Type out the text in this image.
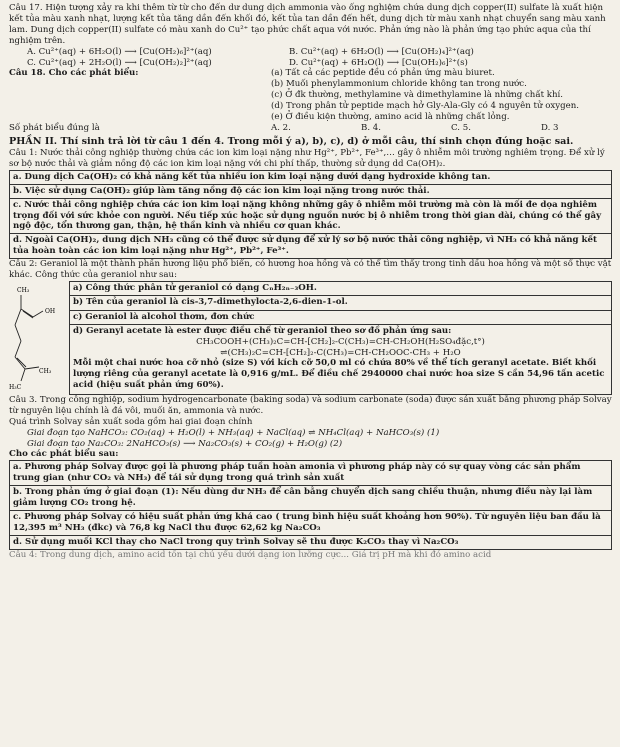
Câu 17. Hiện tượng xảy ra khi thêm từ từ cho đến dư dung dịch ammonia vào ống nghiệm chứa dung dịch copper(II) sulfate là xuất hiện kết tủa màu xanh nhạt, lượng kết tủa tăng dần đến khối đó, kết tủa tan dần đến hết, dung dịch từ màu xanh nhạt chuyển sang màu xanh lam. Dung dịch copper(II) sulfate có màu xanh do Cu²⁺ tạo phức chất aqua với nước. Phản ứng nào là phản ứng tạo phức aqua của thí nghiệm trên.

A. Cu²⁺(aq) + 6H₂O(l) ⟶ [Cu(OH₂)₆]²⁺(aq)	B. Cu²⁺(aq) + 6H₂O(l) ⟶ [Cu(OH₂)₄]²⁺(aq)
C. Cu²⁺(aq) + 2H₂O(l) ⟶ [Cu(OH₂)₂]²⁺(aq)	D. Cu²⁺(aq) + 6H₂O(l) ⟶ [Cu(OH₂)₆]²⁺(s)
Câu 18. Cho các phát biểu:	(a) Tất cả các peptide đều có phản ứng màu biuret.

(b) Muối phenylammonium chloride không tan trong nước.

(c) Ở đk thường, methylamine và dimethylamine là những chất khí.

(d) Trong phân tử peptide mạch hở Gly-Ala-Gly có 4 nguyên tử oxygen.

(e) Ở điều kiện thường, amino acid là những chất lỏng.

Số phát biểu đúng là	A. 2.	B. 4.	C. 5.	D. 3

PHẦN II. Thí sinh trả lời từ câu 1 đến 4. Trong mỗi ý a), b), c), d) ở mỗi câu, thí sinh chọn đúng hoặc sai.

Câu 1: Nước thải công nghiệp thường chứa các ion kim loại nặng như Hg²⁺, Pb²⁺, Fe³⁺,… gây ô nhiễm môi trường nghiêm trọng. Để xử lý sơ bộ nước thải và giảm nồng độ các ion kim loại nặng với chi phí thấp, thường sử dụng dd Ca(OH)₂.

a. Dung dịch Ca(OH)₂ có khả năng kết tủa nhiều ion kim loại nặng dưới dạng hydroxide không tan.
b. Việc sử dụng Ca(OH)₂ giúp làm tăng nồng độ các ion kim loại nặng trong nước thải.
c. Nước thải công nghiệp chứa các ion kim loại nặng không những gây ô nhiễm môi trường mà còn là mối đe dọa nghiêm trọng đối với sức khỏe con người. Nếu tiếp xúc hoặc sử dụng nguồn nước bị ô nhiễm trong thời gian dài, chúng có thể gây ngộ độc, tổn thương gan, thận, hệ thần kinh và nhiều cơ quan khác.
d. Ngoài Ca(OH)₂, dung dịch NH₃ cũng có thể được sử dụng để xử lý sơ bộ nước thải công nghiệp, vì NH₃ có khả năng kết tủa hoàn toàn các ion kim loại nặng như Hg²⁺, Pb²⁺, Fe³⁺.

Câu 2: Geraniol là một thành phần hương liệu phổ biến, có hương hoa hồng và có thể tìm thấy trong tinh dầu hoa hồng và một số thực vật khác. Công thức của geraniol như sau:

CH₃
OH
H₃C
CH₃
a) Công thức phân tử geraniol có dạng CₙH₂ₙ₋₃OH.
b) Tên của geraniol là cis-3,7-dimethylocta-2,6-dien-1-ol.
c) Geraniol là alcohol thơm, đơn chức

d) Geranyl acetate là ester được điều chế từ geraniol theo sơ đồ phản ứng sau:

CH₃COOH+(CH₃)₂C=CH-[CH₂]₂-C(CH₃)=CH-CH₂OH(H₂SO₄đặc,t°)

⇌(CH₃)₂C=CH-[CH₂]₂-C(CH₃)=CH-CH₂OOC-CH₃ + H₂O

Mỗi một chai nước hoa cỡ nhỏ (size S) với kích cỡ 50,0 ml có chứa 80% về thể tích geranyl acetate. Biết khối lượng riêng của geranyl acetate là 0,916 g/mL. Để điều chế 2940000 chai nước hoa size S cần 54,96 tấn acetic acid (hiệu suất phản ứng 60%).

Câu 3. Trong công nghiệp, sodium hydrogencarbonate (baking soda) và sodium carbonate (soda) được sản xuất bằng phương pháp Solvay từ nguyên liệu chính là đá vôi, muối ăn, ammonia và nước.

Quá trình Solvay sản xuất soda gồm hai giai đoạn chính

Giai đoạn tạo NaHCO₃: CO₂(aq) + H₂O(l) + NH₃(aq) + NaCl(aq) ⇌ NH₄Cl(aq) + NaHCO₃(s) (1)

Giai đoạn tạo Na₂CO₃: 2NaHCO₃(s) ⟶ Na₂CO₃(s) + CO₂(g) + H₂O(g) (2)

Cho các phát biểu sau:

a. Phương pháp Solvay được gọi là phương pháp tuần hoàn amonia vì phương pháp này có sự quay vòng các sản phẩm trung gian (như CO₂ và NH₃) để tái sử dụng trong quá trình sản xuất
b. Trong phản ứng ở giai đoạn (1): Nếu dùng dư NH₃ để cân bằng chuyển dịch sang chiều thuận, nhưng điều này lại làm giảm lượng CO₂ trong hệ.
c. Phương pháp Solvay có hiệu suất phản ứng khá cao ( trung bình hiệu suất khoảng hơn 90%). Từ nguyên liệu ban đầu là 12,395 m³ NH₃ (đkc) và 76,8 kg NaCl thu được 62,62 kg Na₂CO₃
d. Sử dụng muối KCl thay cho NaCl trong quy trình Solvay sẽ thu được K₂CO₃ thay vì Na₂CO₃

Câu 4: Trong dung dịch, amino acid tồn tại chủ yếu dưới dạng ion lưỡng cực... Giá trị pH mà khi đó amino acid
